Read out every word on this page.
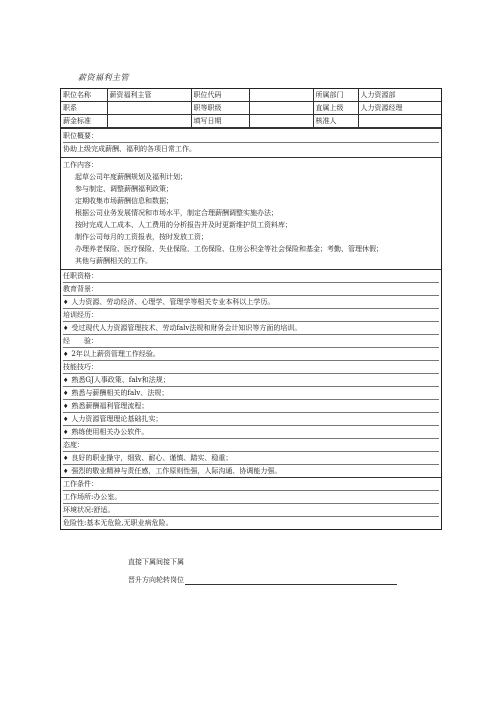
薪资福利主管
职位名称	薪资福利主管	职位代码		所属部门	人力资源部
职系		职等职级		直属上级	人力资源经理
薪金标准		填写日期		核准人	
职位概要：
协助上级完成薪酬、福利的各项日常工作。
工作内容：
起草公司年度薪酬规划及福利计划；
参与制定、调整薪酬福利政策；
定期收集市场薪酬信息和数据；
根据公司业务发展情况和市场水平，制定合理薪酬调整实施办法；
按时完成人工成本、人工费用的分析报告并及时更新维护员工资料库；
制作公司每月的工资报表，按时发放工资；
办理养老保险、医疗保险、失业保险、工伤保险、住房公积金等社会保险和基金；考勤、管理休假；
其他与薪酬相关的工作。
任职资格：
教育背景：
♦ 人力资源、劳动经济、心理学、管理学等相关专业本科以上学历。
培训经历：
♦ 受过现代人力资源管理技术、劳动falv法规和财务会计知识等方面的培训。
经　　验：
♦ 2年以上薪资管理工作经验。
技能技巧：
♦ 熟悉GJ人事政策、falv和法规；
♦ 熟悉与薪酬相关的falv、法规；
♦ 熟悉薪酬福利管理流程；
♦ 人力资源管理理论基础扎实；
♦ 熟练使用相关办公软件。
态度：
♦ 良好的职业操守，细致、耐心、谨慎、踏实、稳重；
♦ 强烈的敬业精神与责任感，工作原则性强，人际沟通、协调能力强。
工作条件：
工作场所:办公室。
环境状况:舒适。
危险性:基本无危险,无职业病危险。
直接下属间接下属
晋升方向轮转岗位
